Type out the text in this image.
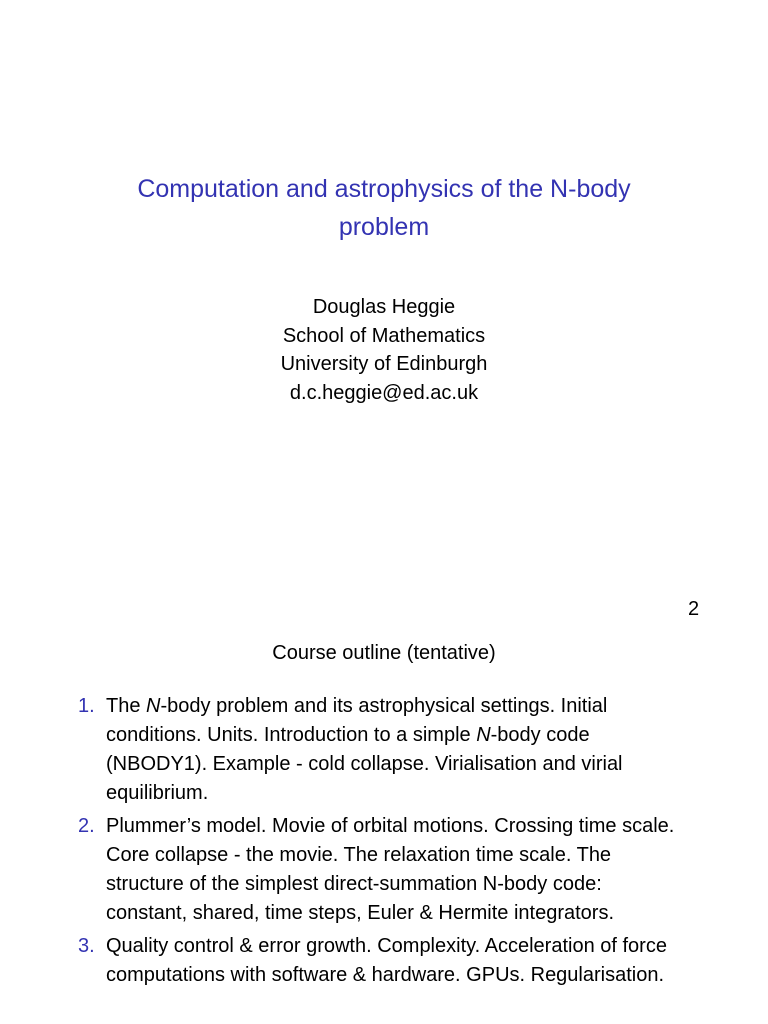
Computation and astrophysics of the N-body
problem
Douglas Heggie
School of Mathematics
University of Edinburgh
d.c.heggie@ed.ac.uk
2
Course outline (tentative)
1. The N-body problem and its astrophysical settings. Initial conditions. Units. Introduction to a simple N-body code (NBODY1). Example - cold collapse. Virialisation and virial equilibrium.
2. Plummer’s model. Movie of orbital motions. Crossing time scale. Core collapse - the movie. The relaxation time scale. The structure of the simplest direct-summation N-body code: constant, shared, time steps, Euler & Hermite integrators.
3. Quality control & error growth. Complexity. Acceleration of force computations with software & hardware. GPUs. Regularisation.
